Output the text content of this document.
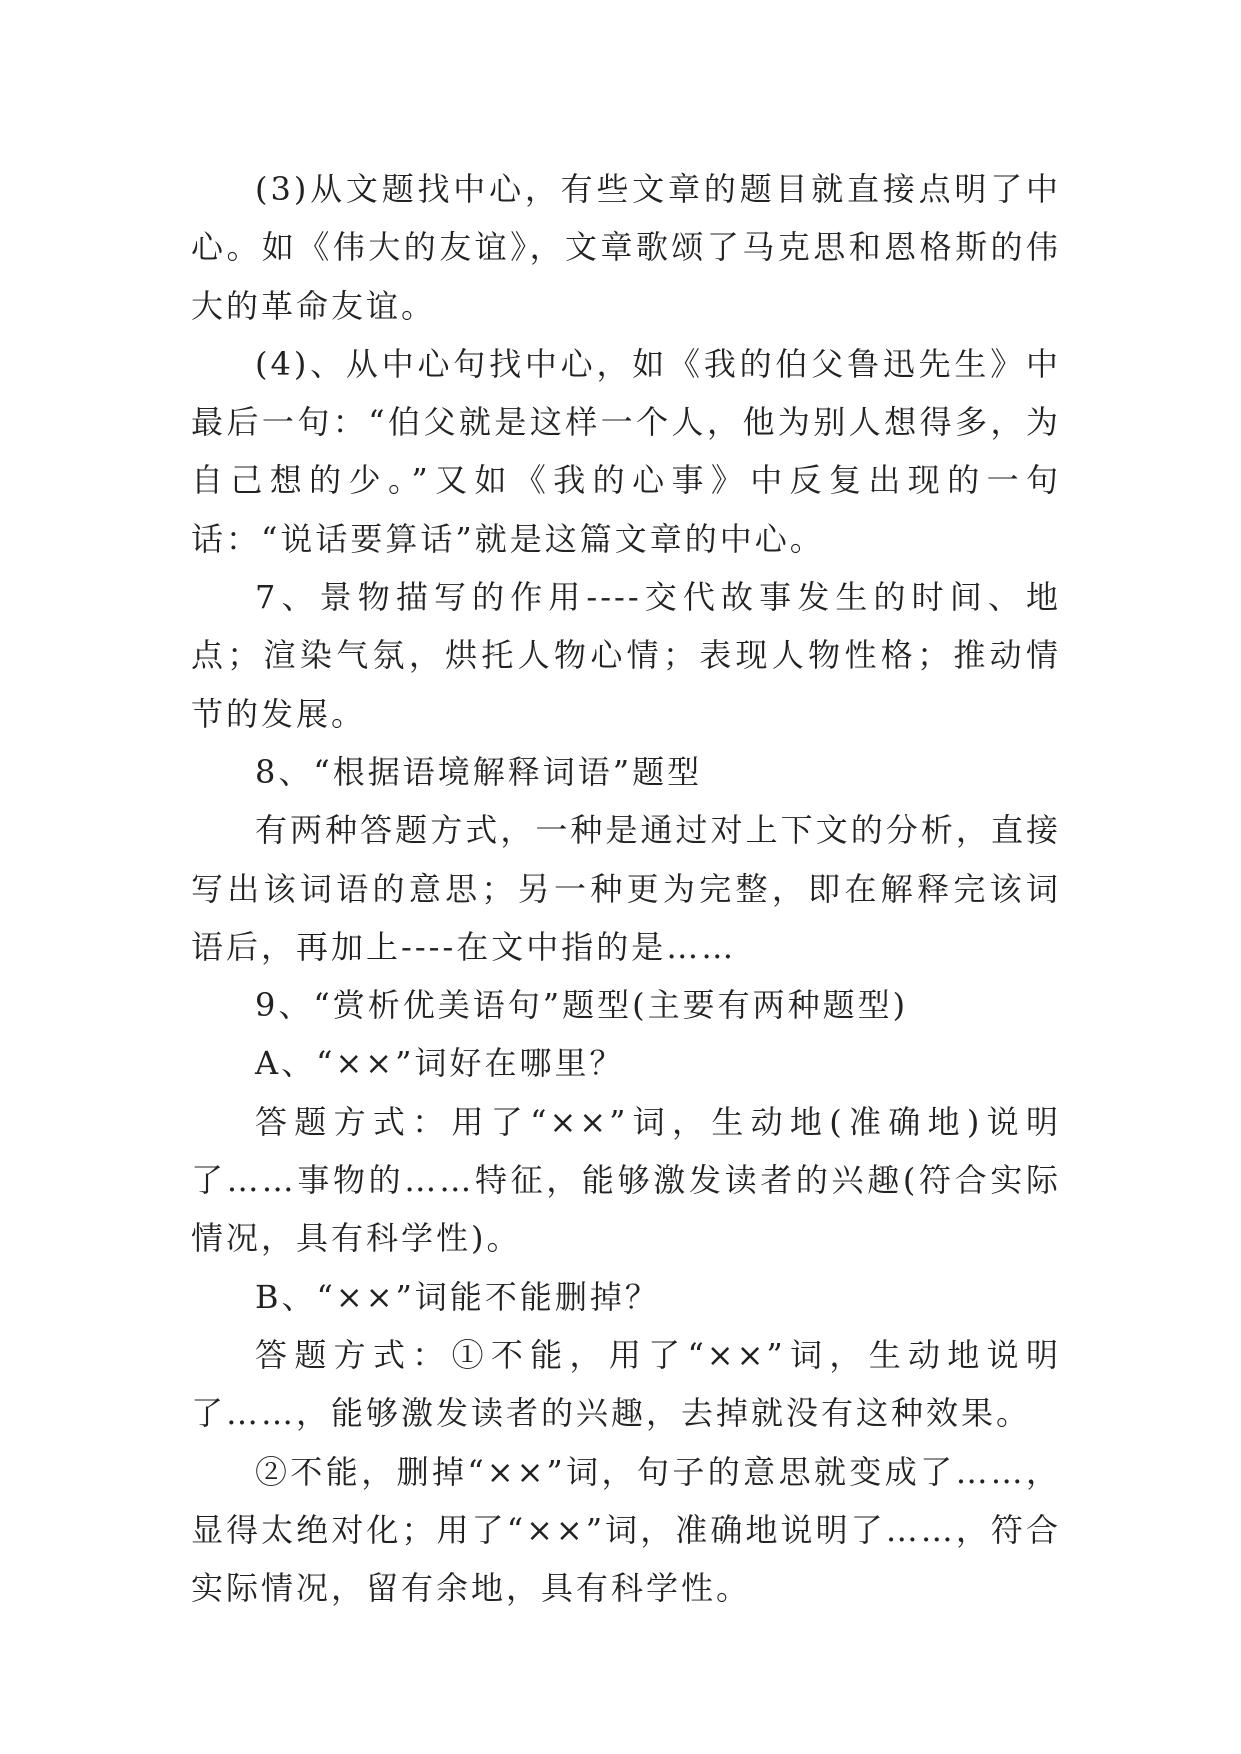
(3)从文题找中心，有些文章的题目就直接点明了中心。如《伟大的友谊》，文章歌颂了马克思和恩格斯的伟大的革命友谊。

(4)、从中心句找中心，如《我的伯父鲁迅先生》中最后一句：“伯父就是这样一个人，他为别人想得多，为自己想的少。”又如《我的心事》中反复出现的一句话：“说话要算话”就是这篇文章的中心。

7、景物描写的作用----交代故事发生的时间、地点；渲染气氛，烘托人物心情；表现人物性格；推动情节的发展。

8、“根据语境解释词语”题型

有两种答题方式，一种是通过对上下文的分析，直接写出该词语的意思；另一种更为完整，即在解释完该词语后，再加上----在文中指的是……

9、“赏析优美语句”题型(主要有两种题型)

A、“××”词好在哪里？

答题方式：用了“××”词，生动地(准确地)说明了……事物的……特征，能够激发读者的兴趣(符合实际情况，具有科学性)。

B、“××”词能不能删掉？

答题方式：①不能，用了“××”词，生动地说明了……，能够激发读者的兴趣，去掉就没有这种效果。

②不能，删掉“××”词，句子的意思就变成了……，显得太绝对化；用了“××”词，准确地说明了……，符合实际情况，留有余地，具有科学性。
